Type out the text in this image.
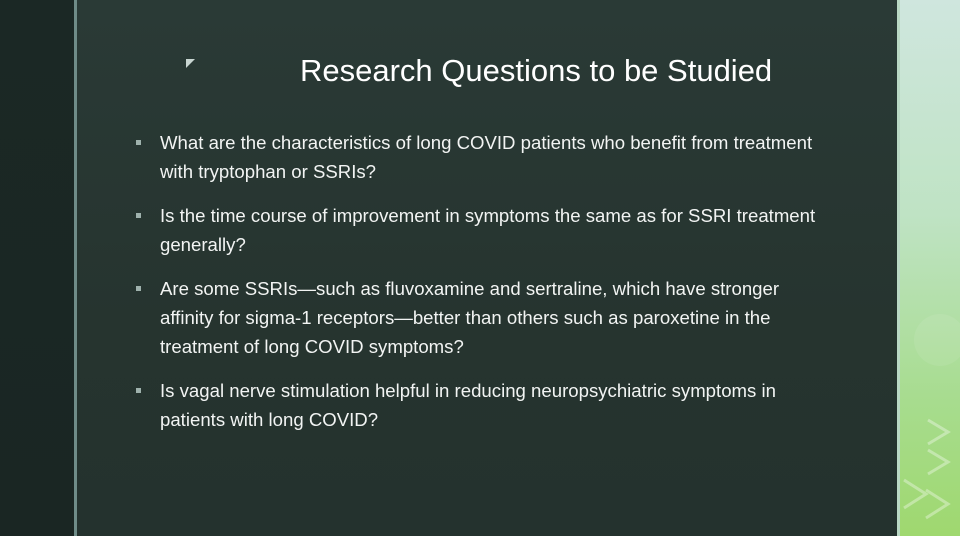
Research Questions to be Studied
What are the characteristics of long COVID patients who benefit from treatment with tryptophan or SSRIs?
Is the time course of improvement in symptoms the same as for SSRI treatment generally?
Are some SSRIs—such as fluvoxamine and sertraline, which have stronger affinity for sigma-1 receptors—better than others such as paroxetine in the treatment of long COVID symptoms?
Is vagal nerve stimulation helpful in reducing neuropsychiatric symptoms in patients with long COVID?
